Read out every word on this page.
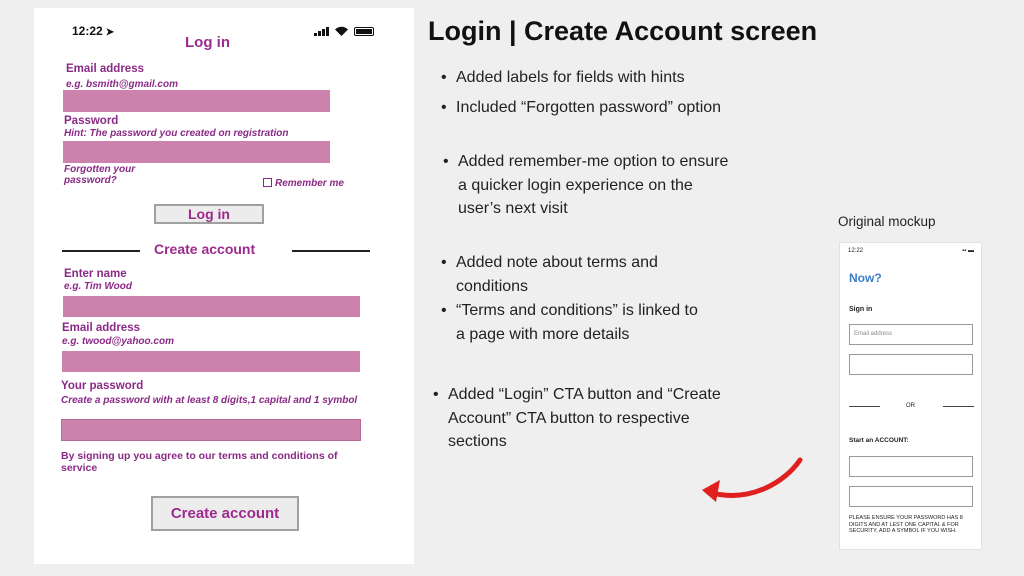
12:22 ➤
Log in
Email address
e.g. bsmith@gmail.com
Password
Hint: The password you created on registration
Forgotten your
password?	Remember me
Log in
Create account
Enter name
e.g. Tim Wood
Email address
e.g. twood@yahoo.com
Your password
Create a password with at least 8 digits,1 capital and 1 symbol
By signing up you agree to our terms and conditions of service
Create account
Login | Create Account screen
• Added labels for fields with hints
• Included “Forgotten password” option
• Added remember-me option to ensure a quicker login experience on the user’s next visit
• Added note about terms and conditions
• “Terms and conditions” is linked to a page with more details
• Added “Login” CTA button and “Create Account” CTA button to respective sections
Original mockup
12:22	▪▪ ▬
Now?
Sign in
Email address
OR
Start an ACCOUNT:
PLEASE ENSURE YOUR PASSWORD HAS 8 DIGITS AND AT LEST ONE CAPITAL & FOR SECURITY, ADD A SYMBOL IF YOU WISH.
